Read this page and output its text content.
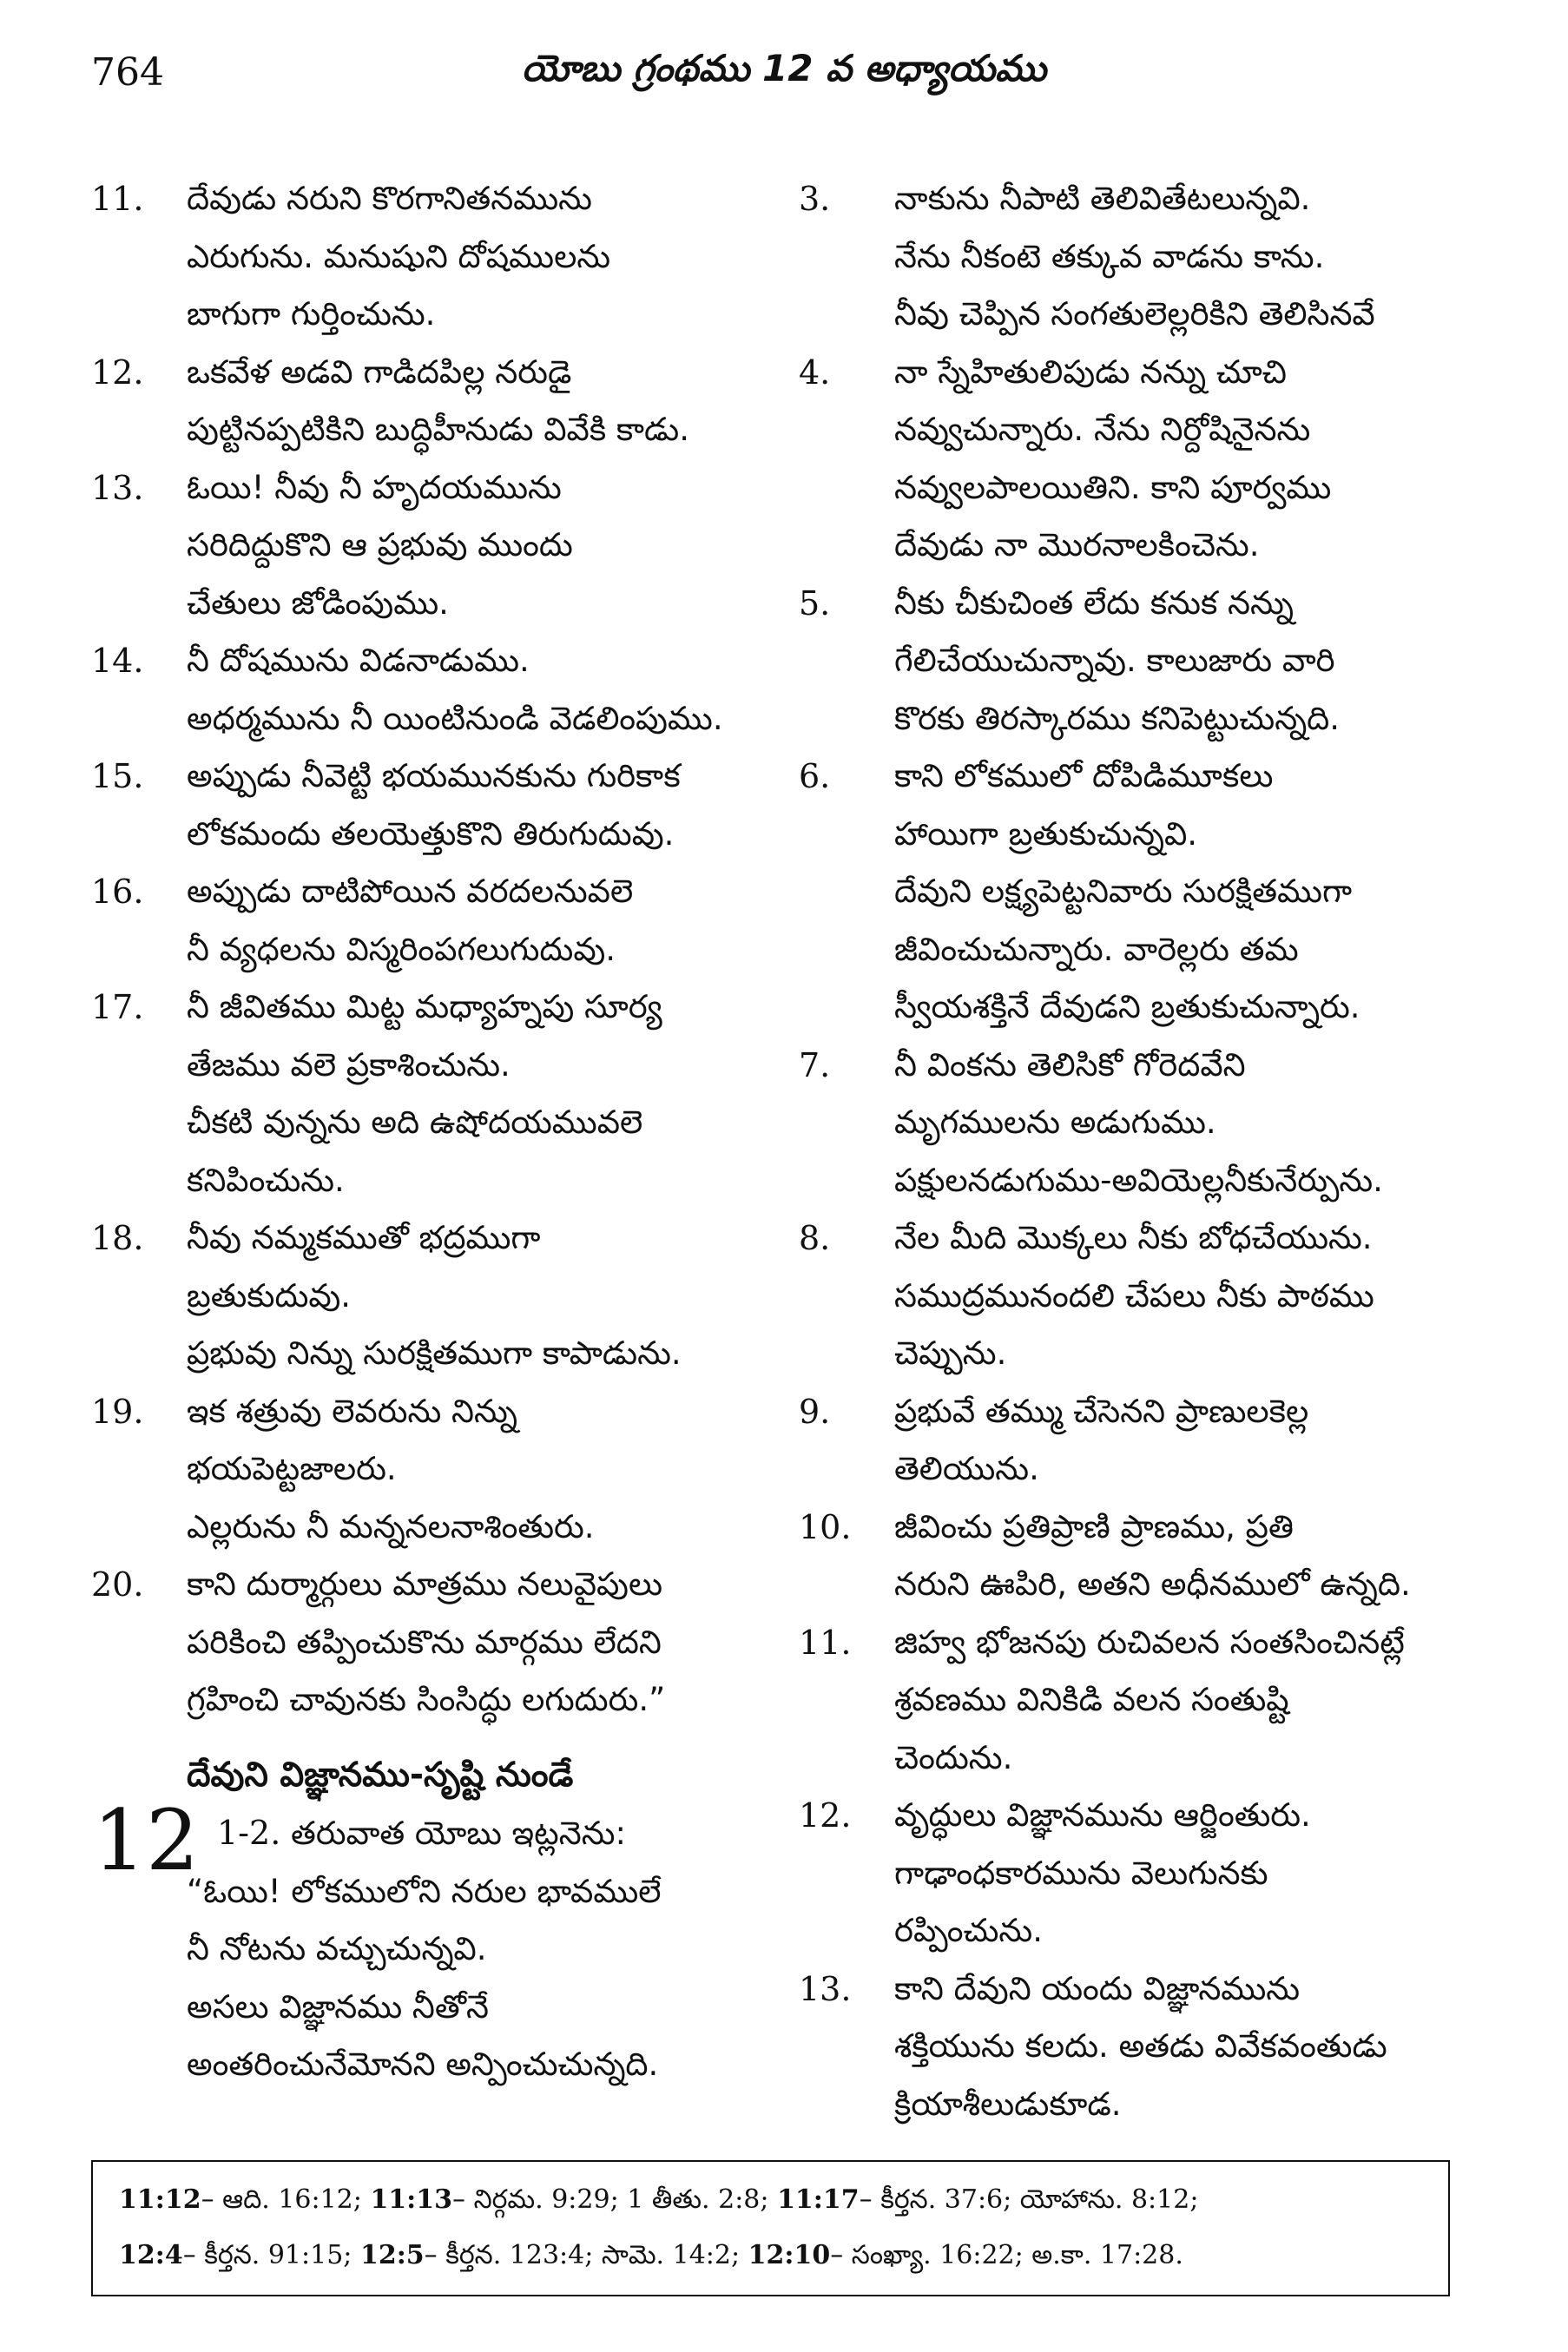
764	యోబు గ్రంథము 12 వ అధ్యాయము
11. దేవుడు నరుని కొరగానితనమును
ఎరుగును. మనుషుని దోషములను
బాగుగా గుర్తించును.
12. ఒకవేళ అడవి గాడిదపిల్ల నరుడై
పుట్టినప్పటికిని బుద్ధిహీనుడు వివేకి కాడు.
13. ఓయి! నీవు నీ హృదయమును
సరిదిద్దుకొని ఆ ప్రభువు ముందు
చేతులు జోడింపుము.
14. నీ దోషమును విడనాడుము.
అధర్మమును నీ యింటినుండి వెడలింపుము.
15. అప్పుడు నీవెట్టి భయమునకును గురికాక
లోకమందు తలయెత్తుకొని తిరుగుదువు.
16. అప్పుడు దాటిపోయిన వరదలనువలె
నీ వ్యధలను విస్మరింపగలుగుదువు.
17. నీ జీవితము మిట్ట మధ్యాహ్నపు సూర్య
తేజము వలె ప్రకాశించును.
చీకటి వున్నను అది ఉషోదయమువలె
కనిపించును.
18. నీవు నమ్మకముతో భద్రముగా
బ్రతుకుదువు.
ప్రభువు నిన్ను సురక్షితముగా కాపాడును.
19. ఇక శత్రువు లెవరును నిన్ను
భయపెట్టజాలరు.
ఎల్లరును నీ మన్ననలనాశింతురు.
20. కాని దుర్మార్గులు మాత్రము నలువైపులు
పరికించి తప్పించుకొను మార్గము లేదని
గ్రహించి చావునకు సింసిద్ధు లగుదురు.”
దేవుని విజ్ఞానము-సృష్టి నుండే
12 1-2. తరువాత యోబు ఇట్లనెను:
“ఓయి! లోకములోని నరుల భావములే
నీ నోటను వచ్చుచున్నవి.
అసలు విజ్ఞానము నీతోనే
అంతరించునేమోనని అన్పించుచున్నది.
3. నాకును నీపాటి తెలివితేటలున్నవి.
నేను నీకంటె తక్కువ వాడను కాను.
నీవు చెప్పిన సంగతులెల్లరికిని తెలిసినవే
4. నా స్నేహితులిపుడు నన్ను చూచి
నవ్వుచున్నారు. నేను నిర్దోషినైనను
నవ్వులపాలయితిని. కాని పూర్వము
దేవుడు నా మొరనాలకించెను.
5. నీకు చీకుచింత లేదు కనుక నన్ను
గేలిచేయుచున్నావు. కాలుజారు వారి
కొరకు తిరస్కారము కనిపెట్టుచున్నది.
6. కాని లోకములో దోపిడిమూకలు
హాయిగా బ్రతుకుచున్నవి.
దేవుని లక్ష్యపెట్టనివారు సురక్షితముగా
జీవించుచున్నారు. వారెల్లరు తమ
స్వీయశక్తినే దేవుడని బ్రతుకుచున్నారు.
7. నీ వింకను తెలిసికో గోరెదవేని
మృగములను అడుగుము.
పక్షులనడుగుము-అవియెల్లనీకునేర్పును.
8. నేల మీది మొక్కలు నీకు బోధచేయును.
సముద్రమునందలి చేపలు నీకు పాఠము
చెప్పును.
9. ప్రభువే తమ్ము చేసెనని ప్రాణులకెల్ల
తెలియును.
10. జీవించు ప్రతిప్రాణి ప్రాణము, ప్రతి
నరుని ఊపిరి, అతని అధీనములో ఉన్నది.
11. జిహ్వ భోజనపు రుచివలన సంతసించినట్లే
శ్రవణము వినికిడి వలన సంతుష్టి
చెందును.
12. వృద్ధులు విజ్ఞానమును ఆర్జింతురు.
గాఢాంధకారమును వెలుగునకు
రప్పించును.
13. కాని దేవుని యందు విజ్ఞానమును
శక్తియును కలదు. అతడు వివేకవంతుడు
క్రియాశీలుడుకూడ.
11:12– ఆది. 16:12; 11:13– నిర్గమ. 9:29; 1 తీతు. 2:8; 11:17– కీర్తన. 37:6; యోహాను. 8:12;
12:4– కీర్తన. 91:15; 12:5– కీర్తన. 123:4; సామె. 14:2; 12:10– సంఖ్యా. 16:22; అ.కా. 17:28.
